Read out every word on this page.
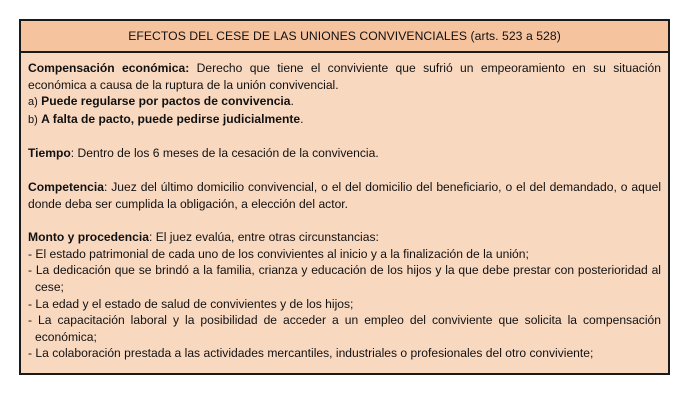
EFECTOS DEL CESE DE LAS UNIONES CONVIVENCIALES (arts. 523 a 528)

Compensación económica: Derecho que tiene el conviviente que sufrió un empeoramiento en su situación económica a causa de la ruptura de la unión convivencial.

a) Puede regularse por pactos de convivencia.

b) A falta de pacto, puede pedirse judicialmente.

Tiempo: Dentro de los 6 meses de la cesación de la convivencia.

Competencia: Juez del último domicilio convivencial, o el del domicilio del beneficiario, o el del demandado, o aquel donde deba ser cumplida la obligación, a elección del actor.

Monto y procedencia: El juez evalúa, entre otras circunstancias:

- El estado patrimonial de cada uno de los convivientes al inicio y a la finalización de la unión;

- La dedicación que se brindó a la familia, crianza y educación de los hijos y la que debe prestar con posterioridad al cese;

- La edad y el estado de salud de convivientes y de los hijos;

- La capacitación laboral y la posibilidad de acceder a un empleo del conviviente que solicita la compensación económica;

- La colaboración prestada a las actividades mercantiles, industriales o profesionales del otro conviviente;
